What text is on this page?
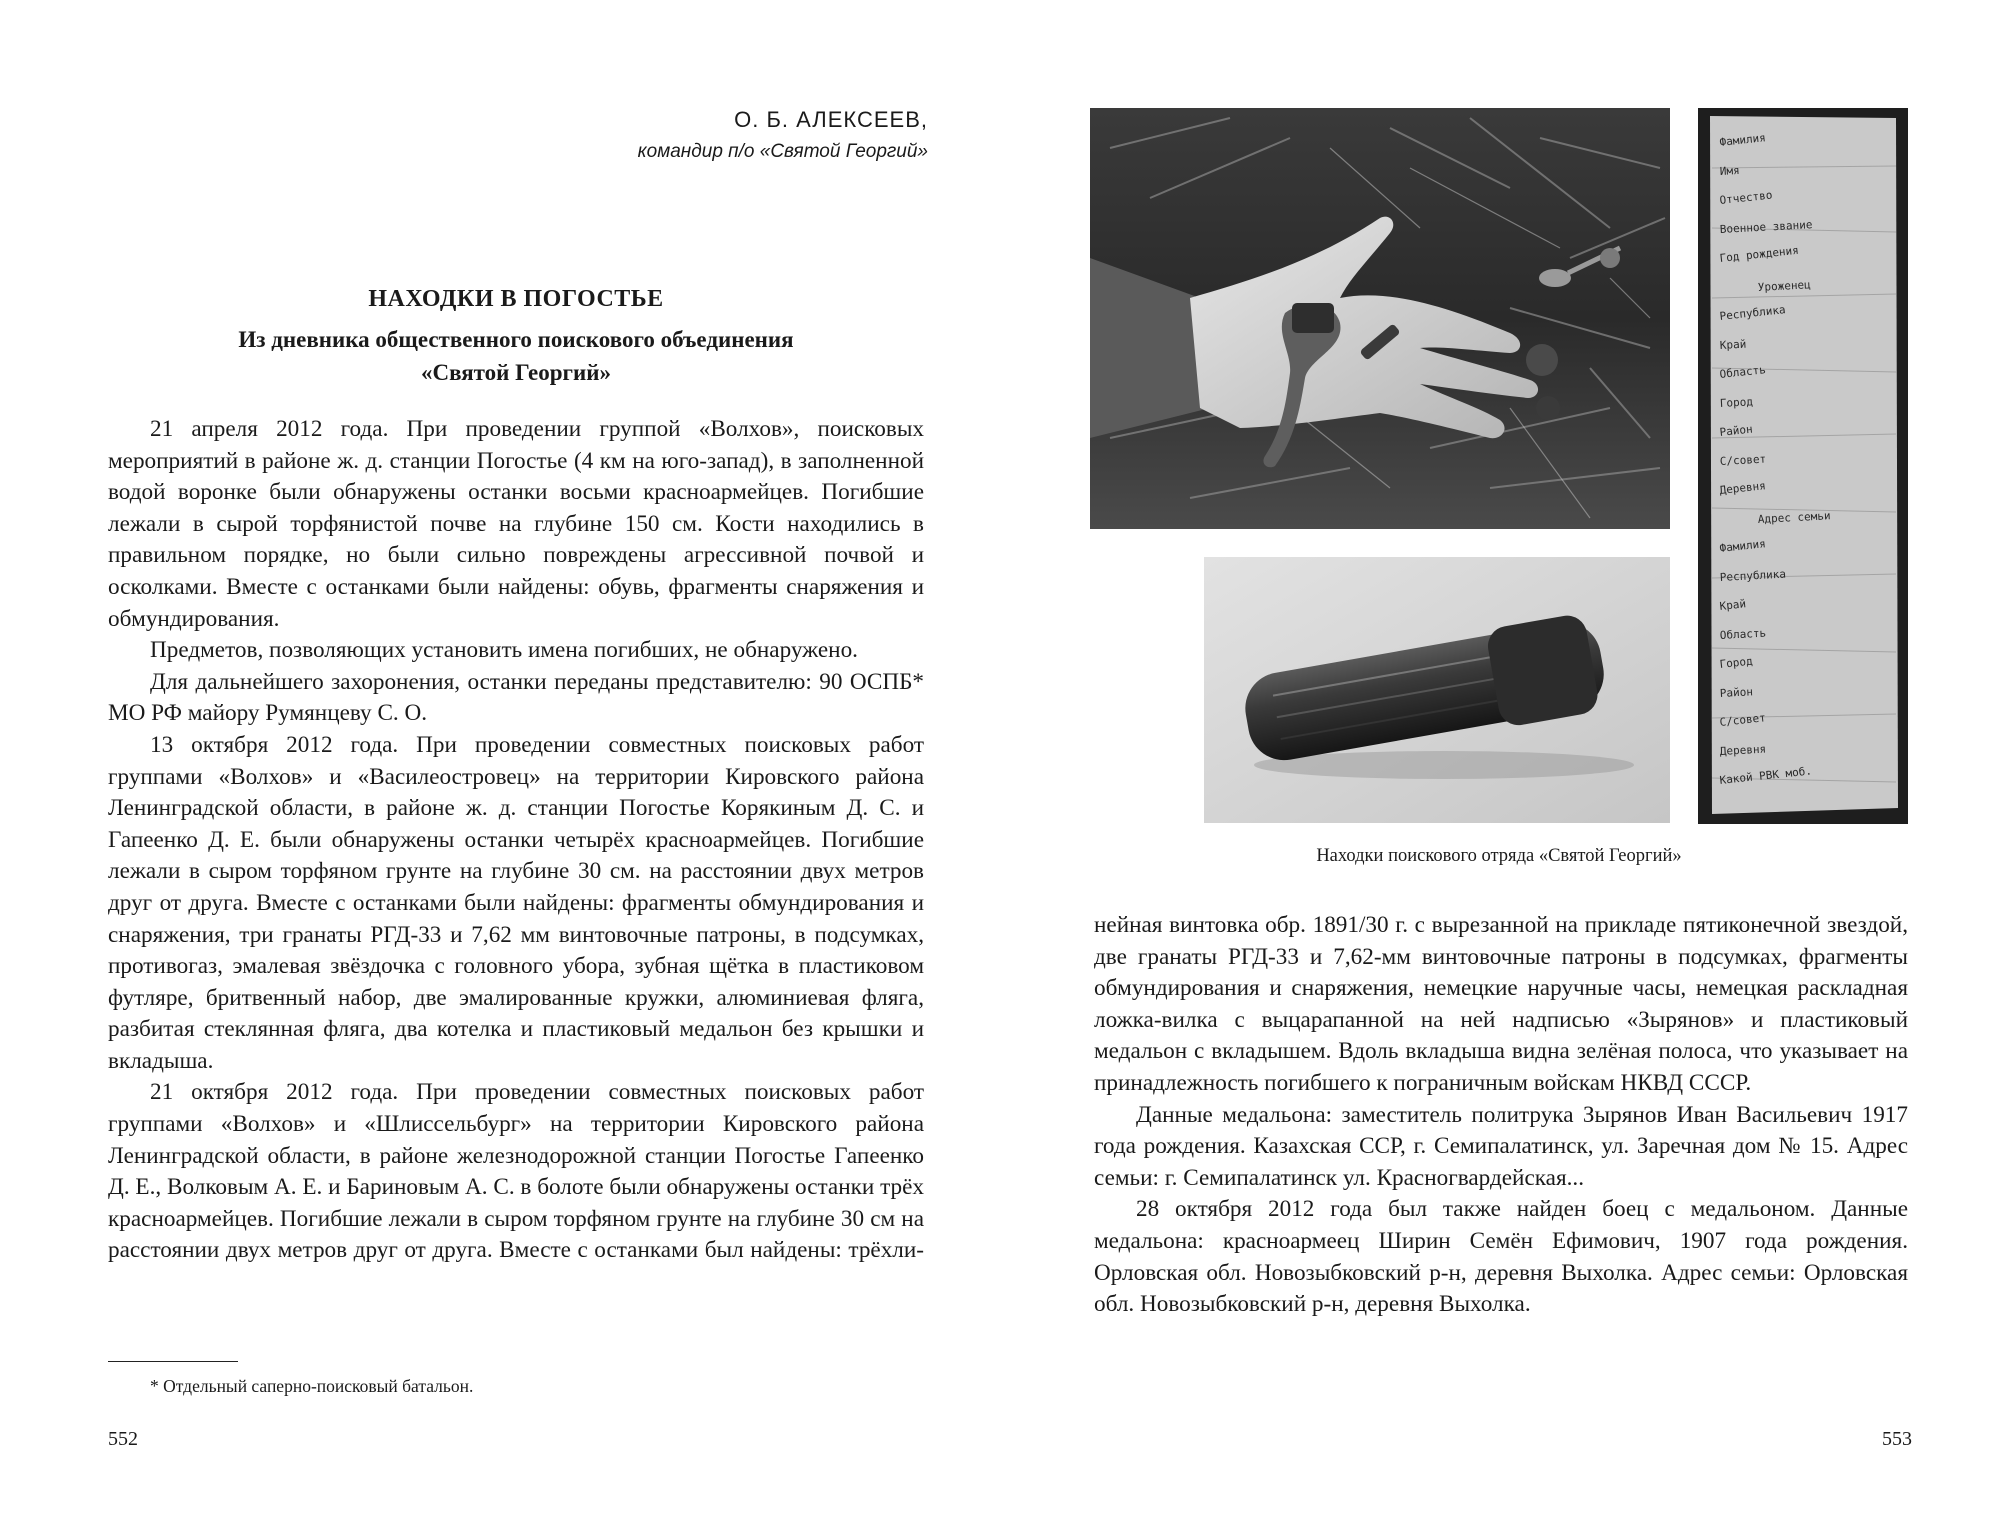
О. Б. АЛЕКСЕЕВ,
командир п/о «Святой Георгий»
НАХОДКИ В ПОГОСТЬЕ
Из дневника общественного поискового объединения
«Святой Георгий»

21 апреля 2012 года. При проведении группой «Волхов», поисковых мероприятий в районе ж. д. станции Погостье (4 км на юго-запад), в заполненной водой воронке были обнаружены останки восьми красноармейцев. Погибшие лежали в сырой торфянистой почве на глубине 150 см. Кости находились в правильном порядке, но были сильно повреждены агрессивной почвой и осколками. Вместе с останками были найдены: обувь, фрагменты снаряжения и обмундирования.

Предметов, позволяющих установить имена погибших, не обнаружено.

Для дальнейшего захоронения, останки переданы представителю: 90 ОСПБ* МО РФ майору Румянцеву С. О.

13 октября 2012 года. При проведении совместных поисковых работ группами «Волхов» и «Василеостровец» на территории Кировского района Ленинградской области, в районе ж. д. станции Погостье Корякиным Д. С. и Гапеенко Д. Е. были обнаружены останки четырёх красноармейцев. Погибшие лежали в сыром торфяном грунте на глубине 30 см. на расстоянии двух метров друг от друга. Вместе с останками были найдены: фрагменты обмундирования и снаряжения, три гранаты РГД-33 и 7,62 мм винтовочные патроны, в подсумках, противогаз, эмалевая звёздочка с головного убора, зубная щётка в пластиковом футляре, бритвенный набор, две эмалированные кружки, алюминиевая фляга, разбитая стеклянная фляга, два котелка и пластиковый медальон без крышки и вкладыша.

21 октября 2012 года. При проведении совместных поисковых работ группами «Волхов» и «Шлиссельбург» на территории Кировского района Ленинградской области, в районе железнодорожной станции Погостье Гапеенко Д. Е., Волковым А. Е. и Бариновым А. С. в болоте были обнаружены останки трёх красноармейцев. Погибшие лежали в сыром торфяном грунте на глубине 30 см на расстоянии двух метров друг от друга. Вместе с останками был найдены: трёхли-

* Отдельный саперно-поисковый батальон.
552
Фамилия
Имя
Отчество
Военное звание
Год рождения
Уроженец
Республика
Край
Область
Город
Район
С/совет
Деревня
Адрес семьи
Фамилия
Республика
Край
Область
Город
Район
С/совет
Деревня
Какой РВК моб.
Находки поискового отряда «Святой Георгий»

нейная винтовка обр. 1891/30 г. с вырезанной на прикладе пятиконечной звездой, две гранаты РГД-33 и 7,62-мм винтовочные патроны в подсумках, фрагменты обмундирования и снаряжения, немецкие наручные часы, немецкая раскладная ложка-вилка с выцарапанной на ней надписью «Зырянов» и пластиковый медальон с вкладышем. Вдоль вкладыша видна зелёная полоса, что указывает на принадлежность погибшего к пограничным войскам НКВД СССР.

Данные медальона: заместитель политрука Зырянов Иван Васильевич 1917 года рождения. Казахская ССР, г. Семипалатинск, ул. Заречная дом № 15. Адрес семьи: г. Семипалатинск ул. Красногвардейская...

28 октября 2012 года был также найден боец с медальоном. Данные медальона: красноармеец Ширин Семён Ефимович, 1907 года рождения. Орловская обл. Новозыбковский р-н, деревня Выхолка. Адрес семьи: Орловская обл. Новозыбковский р-н, деревня Выхолка.

553
